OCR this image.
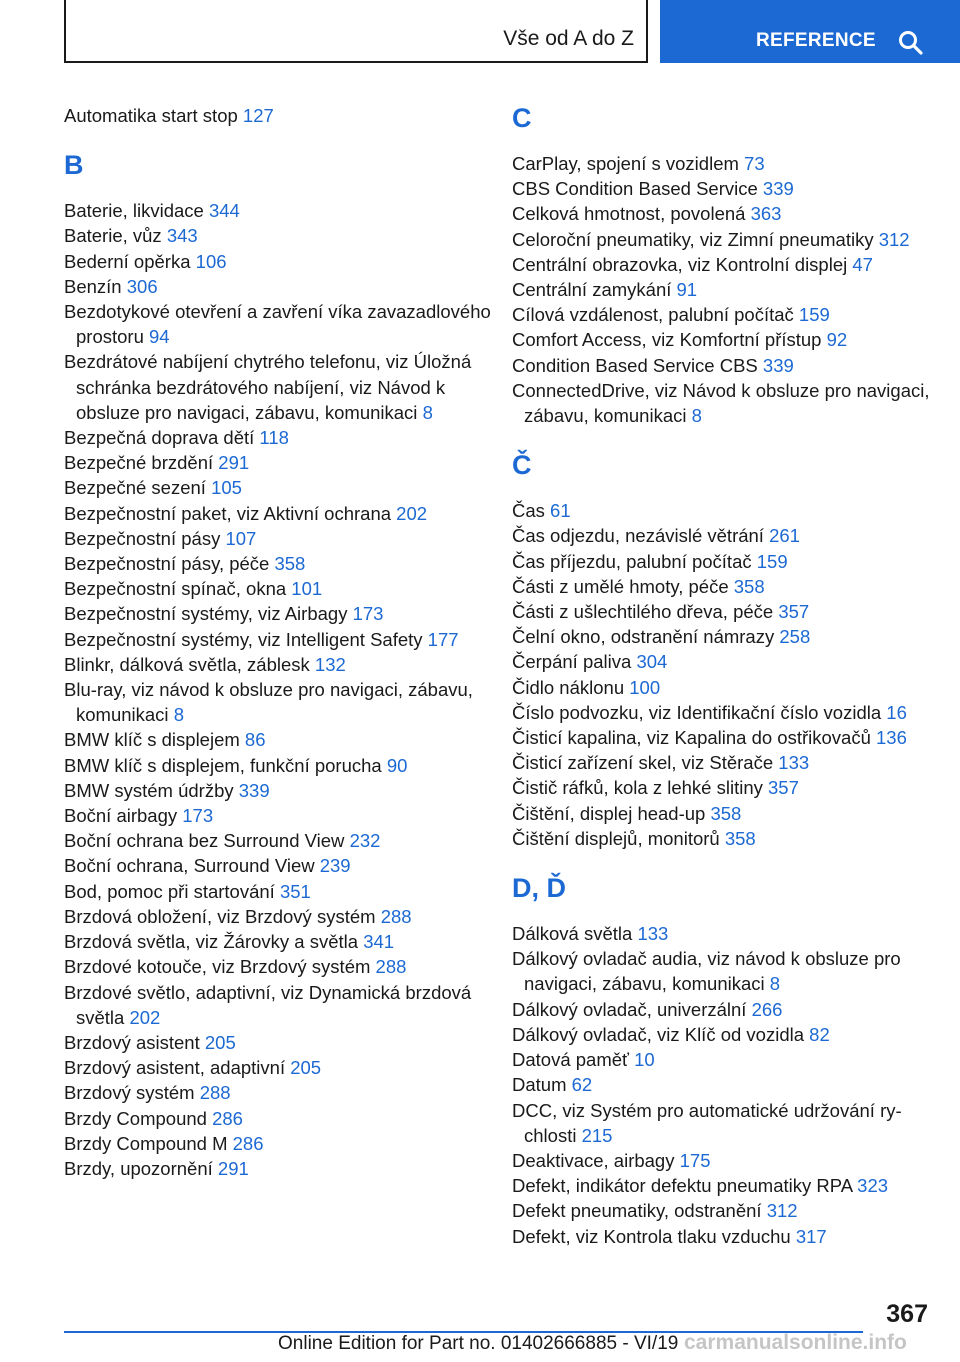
Vše od A do Z	REFERENCE
Automatika start stop 127
B
Baterie, likvidace 344
Baterie, vůz 343
Bederní opěrka 106
Benzín 306
Bezdotykové otevření a zavření víka zavazadlového prostoru 94
Bezdrátové nabíjení chytrého telefonu, viz Úložná schránka bezdrátového nabíjení, viz Návod k obsluze pro navigaci, zábavu, komunikaci 8
Bezpečná doprava dětí 118
Bezpečné brzdění 291
Bezpečné sezení 105
Bezpečnostní paket, viz Aktivní ochrana 202
Bezpečnostní pásy 107
Bezpečnostní pásy, péče 358
Bezpečnostní spínač, okna 101
Bezpečnostní systémy, viz Airbagy 173
Bezpečnostní systémy, viz Intelligent Safety 177
Blinkr, dálková světla, záblesk 132
Blu-ray, viz návod k obsluze pro navigaci, zábavu, komunikaci 8
BMW klíč s displejem 86
BMW klíč s displejem, funkční porucha 90
BMW systém údržby 339
Boční airbagy 173
Boční ochrana bez Surround View 232
Boční ochrana, Surround View 239
Bod, pomoc při startování 351
Brzdová obložení, viz Brzdový systém 288
Brzdová světla, viz Žárovky a světla 341
Brzdové kotouče, viz Brzdový systém 288
Brzdové světlo, adaptivní, viz Dynamická brzdová světla 202
Brzdový asistent 205
Brzdový asistent, adaptivní 205
Brzdový systém 288
Brzdy Compound 286
Brzdy Compound M 286
Brzdy, upozornění 291
C
CarPlay, spojení s vozidlem 73
CBS Condition Based Service 339
Celková hmotnost, povolená 363
Celoroční pneumatiky, viz Zimní pneumatiky 312
Centrální obrazovka, viz Kontrolní displej 47
Centrální zamykání 91
Cílová vzdálenost, palubní počítač 159
Comfort Access, viz Komfortní přístup 92
Condition Based Service CBS 339
ConnectedDrive, viz Návod k obsluze pro navigaci, zábavu, komunikaci 8
Č
Čas 61
Čas odjezdu, nezávislé větrání 261
Čas příjezdu, palubní počítač 159
Části z umělé hmoty, péče 358
Části z ušlechtilého dřeva, péče 357
Čelní okno, odstranění námrazy 258
Čerpání paliva 304
Čidlo náklonu 100
Číslo podvozku, viz Identifikační číslo vozidla 16
Čisticí kapalina, viz Kapalina do ostřikovačů 136
Čisticí zařízení skel, viz Stěrače 133
Čistič ráfků, kola z lehké slitiny 357
Čištění, displej head-up 358
Čištění displejů, monitorů 358
D, Ď
Dálková světla 133
Dálkový ovladač audia, viz návod k obsluze pro navigaci, zábavu, komunikaci 8
Dálkový ovladač, univerzální 266
Dálkový ovladač, viz Klíč od vozidla 82
Datová paměť 10
Datum 62
DCC, viz Systém pro automatické udržování rychlosti 215
Deaktivace, airbagy 175
Defekt, indikátor defektu pneumatiky RPA 323
Defekt pneumatiky, odstranění 312
Defekt, viz Kontrola tlaku vzduchu 317
367
Online Edition for Part no. 01402666885 - VI/19 carmanualsonline.info
